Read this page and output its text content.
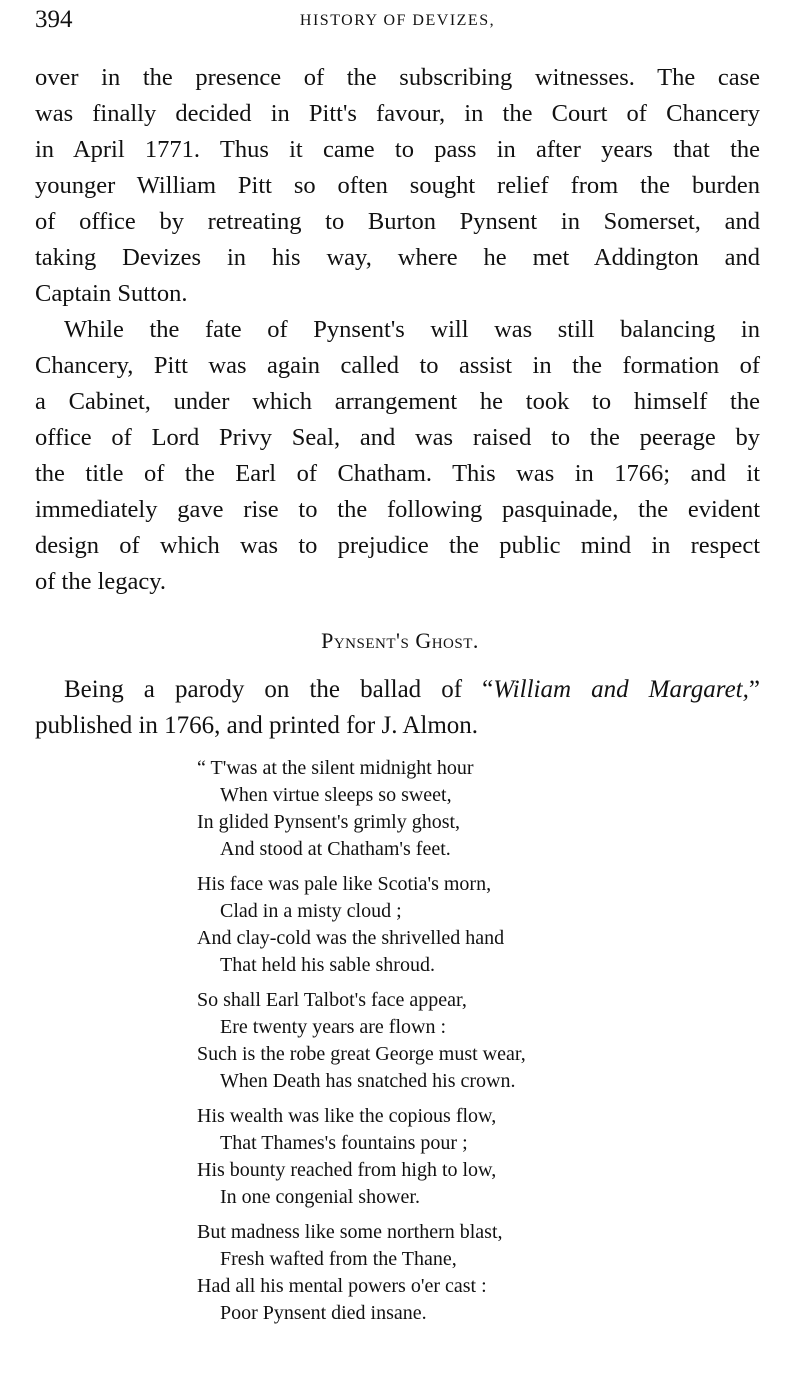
394	HISTORY OF DEVIZES,
over in the presence of the subscribing witnesses. The case
was finally decided in Pitt's favour, in the Court of Chancery
in April 1771. Thus it came to pass in after years that the
younger William Pitt so often sought relief from the burden
of office by retreating to Burton Pynsent in Somerset, and
taking Devizes in his way, where he met Addington and
Captain Sutton.
While the fate of Pynsent's will was still balancing in
Chancery, Pitt was again called to assist in the formation of
a Cabinet, under which arrangement he took to himself the
office of Lord Privy Seal, and was raised to the peerage by
the title of the Earl of Chatham. This was in 1766; and it
immediately gave rise to the following pasquinade, the evident
design of which was to prejudice the public mind in respect
of the legacy.
Pynsent's Ghost.
Being a parody on the ballad of “William and Margaret,”
published in 1766, and printed for J. Almon.
“ T'was at the silent midnight hour
When virtue sleeps so sweet,
In glided Pynsent's grimly ghost,
And stood at Chatham's feet.
His face was pale like Scotia's morn,
Clad in a misty cloud ;
And clay-cold was the shrivelled hand
That held his sable shroud.
So shall Earl Talbot's face appear,
Ere twenty years are flown :
Such is the robe great George must wear,
When Death has snatched his crown.
His wealth was like the copious flow,
That Thames's fountains pour ;
His bounty reached from high to low,
In one congenial shower.
But madness like some northern blast,
Fresh wafted from the Thane,
Had all his mental powers o'er cast :
Poor Pynsent died insane.
